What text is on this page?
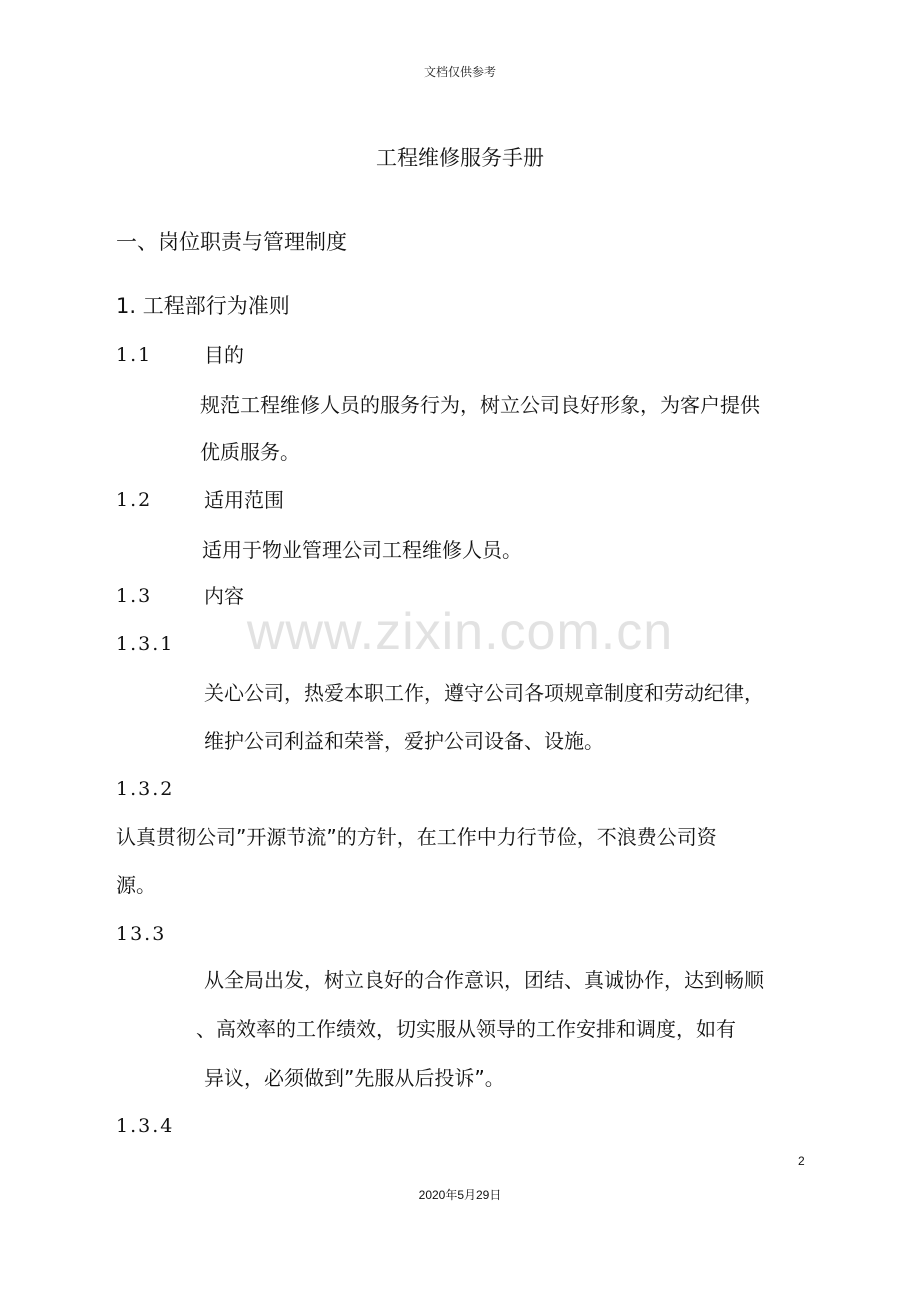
文档仅供参考
工程维修服务手册
一、岗位职责与管理制度
1. 工程部行为准则
1.1	目的
规范工程维修人员的服务行为，树立公司良好形象，为客户提供
优质服务。
1.2	适用范围
适用于物业管理公司工程维修人员。
1.3	内容
www.zixin.com.cn
1.3.1
关心公司，热爱本职工作，遵守公司各项规章制度和劳动纪律，
维护公司利益和荣誉，爱护公司设备、设施。
1.3.2
认真贯彻公司”开源节流”的方针，在工作中力行节俭，不浪费公司资
源。
13.3
从全局出发，树立良好的合作意识，团结、真诚协作，达到畅顺
、高效率的工作绩效，切实服从领导的工作安排和调度，如有
异议，必须做到”先服从后投诉”。
1.3.4
2
2020年5月29日
